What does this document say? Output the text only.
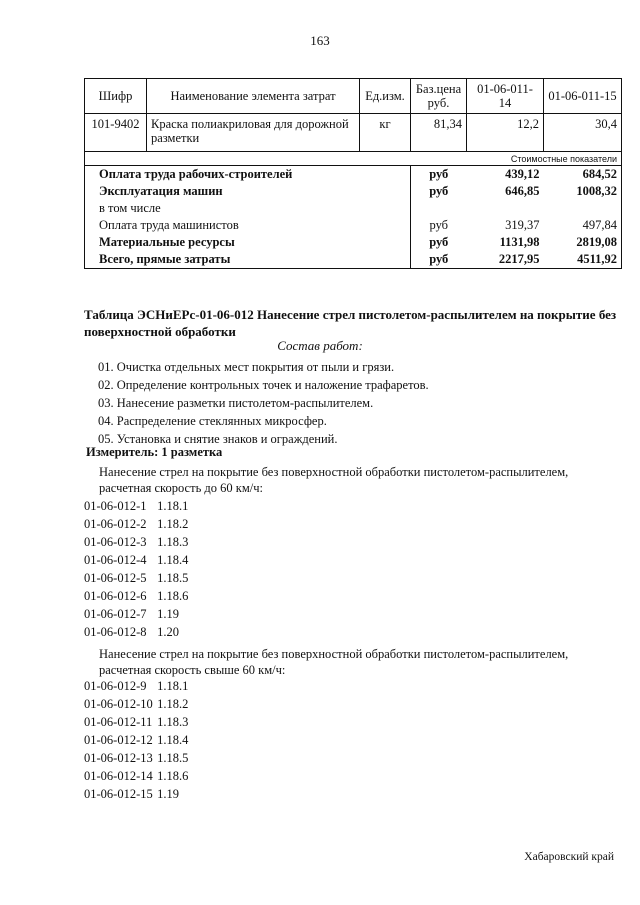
163
Шифр	Наименование элемента затрат	Ед.изм.	Баз.цена руб.	01-06-011-14	01-06-011-15
101-9402	Краска полиакриловая для дорожной разметки	кг	81,34	12,2	30,4
Стоимостные показатели					
Оплата труда рабочих-строителей			руб	439,12	684,52
Эксплуатация машин			руб	646,85	1008,32
в том числе					
Оплата труда машинистов			руб	319,37	497,84
Материальные ресурсы			руб	1131,98	2819,08
Всего, прямые затраты			руб	2217,95	4511,92
Таблица ЭСНиЕРс-01-06-012 Нанесение стрел пистолетом-распылителем на покрытие без поверхностной обработки
Состав работ:
01. Очистка отдельных мест покрытия от пыли и грязи.
02. Определение контрольных точек и наложение трафаретов.
03. Нанесение разметки пистолетом-распылителем.
04. Распределение стеклянных микросфер.
05. Установка и снятие знаков и ограждений.
Измеритель: 1 разметка
Нанесение стрел на покрытие без поверхностной обработки пистолетом-распылителем, расчетная скорость до 60 км/ч:
01-06-012-1 1.18.1
01-06-012-2 1.18.2
01-06-012-3 1.18.3
01-06-012-4 1.18.4
01-06-012-5 1.18.5
01-06-012-6 1.18.6
01-06-012-7 1.19
01-06-012-8 1.20
Нанесение стрел на покрытие без поверхностной обработки пистолетом-распылителем, расчетная скорость свыше 60 км/ч:
01-06-012-9 1.18.1
01-06-012-10 1.18.2
01-06-012-11 1.18.3
01-06-012-12 1.18.4
01-06-012-13 1.18.5
01-06-012-14 1.18.6
01-06-012-15 1.19
Хабаровский край
